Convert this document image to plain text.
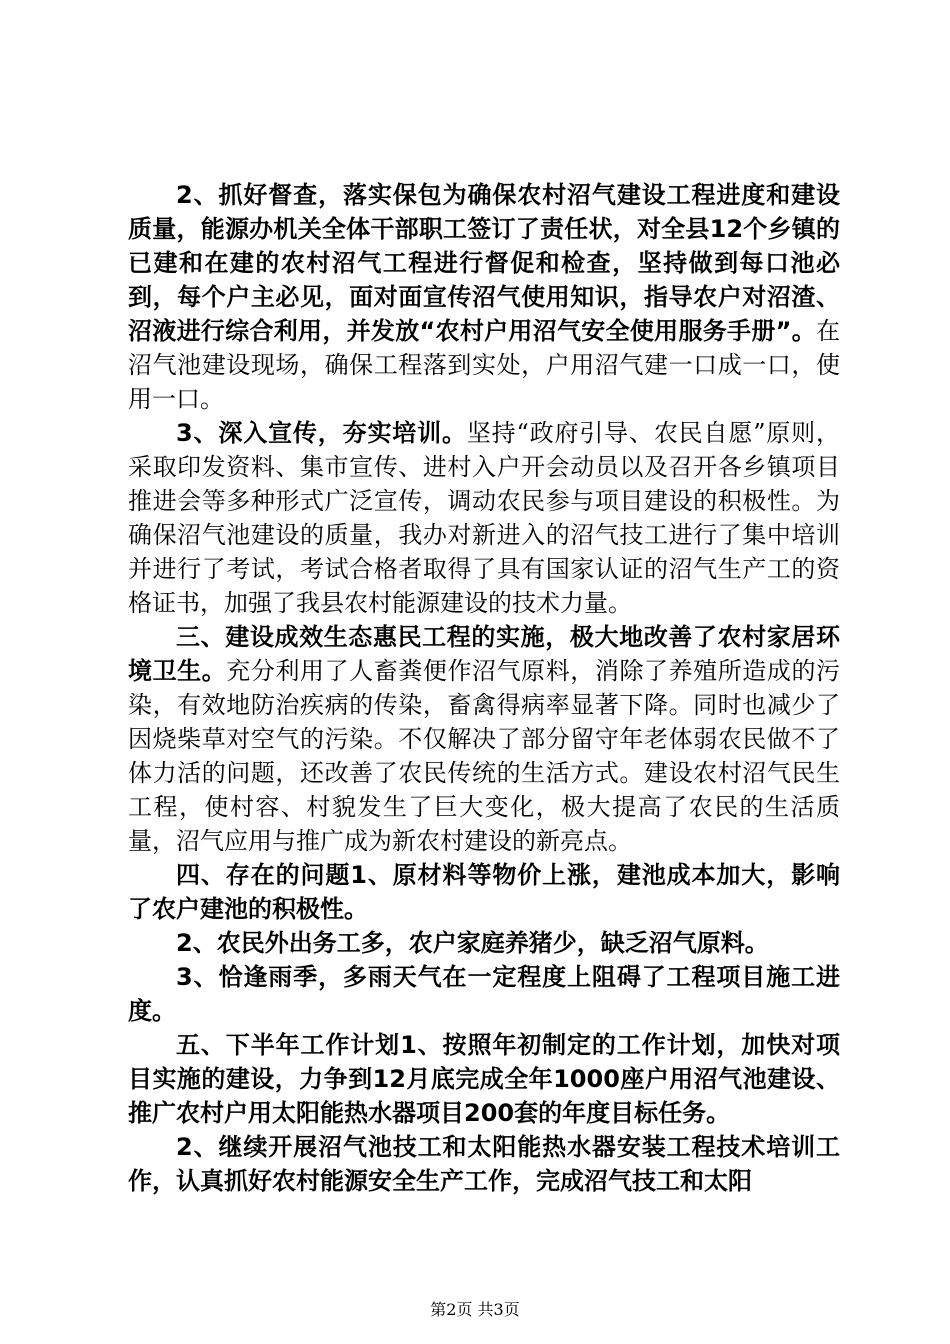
2、抓好督查，落实保包为确保农村沼气建设工程进度和建设质量，能源办机关全体干部职工签订了责任状，对全县12个乡镇的已建和在建的农村沼气工程进行督促和检查，坚持做到每口池必到，每个户主必见，面对面宣传沼气使用知识，指导农户对沼渣、沼液进行综合利用，并发放“农村户用沼气安全使用服务手册”。在沼气池建设现场，确保工程落到实处，户用沼气建一口成一口，使用一口。

3、深入宣传，夯实培训。坚持“政府引导、农民自愿”原则，采取印发资料、集市宣传、进村入户开会动员以及召开各乡镇项目推进会等多种形式广泛宣传，调动农民参与项目建设的积极性。为确保沼气池建设的质量，我办对新进入的沼气技工进行了集中培训并进行了考试，考试合格者取得了具有国家认证的沼气生产工的资格证书，加强了我县农村能源建设的技术力量。

三、建设成效生态惠民工程的实施，极大地改善了农村家居环境卫生。充分利用了人畜粪便作沼气原料，消除了养殖所造成的污染，有效地防治疾病的传染，畜禽得病率显著下降。同时也减少了因烧柴草对空气的污染。不仅解决了部分留守年老体弱农民做不了体力活的问题，还改善了农民传统的生活方式。建设农村沼气民生工程，使村容、村貌发生了巨大变化，极大提高了农民的生活质量，沼气应用与推广成为新农村建设的新亮点。

四、存在的问题1、原材料等物价上涨，建池成本加大，影响了农户建池的积极性。

2、农民外出务工多，农户家庭养猪少，缺乏沼气原料。

3、恰逢雨季，多雨天气在一定程度上阻碍了工程项目施工进度。

五、下半年工作计划1、按照年初制定的工作计划，加快对项目实施的建设，力争到12月底完成全年1000座户用沼气池建设、推广农村户用太阳能热水器项目200套的年度目标任务。

2、继续开展沼气池技工和太阳能热水器安装工程技术培训工作，认真抓好农村能源安全生产工作，完成沼气技工和太阳

第2页 共3页
